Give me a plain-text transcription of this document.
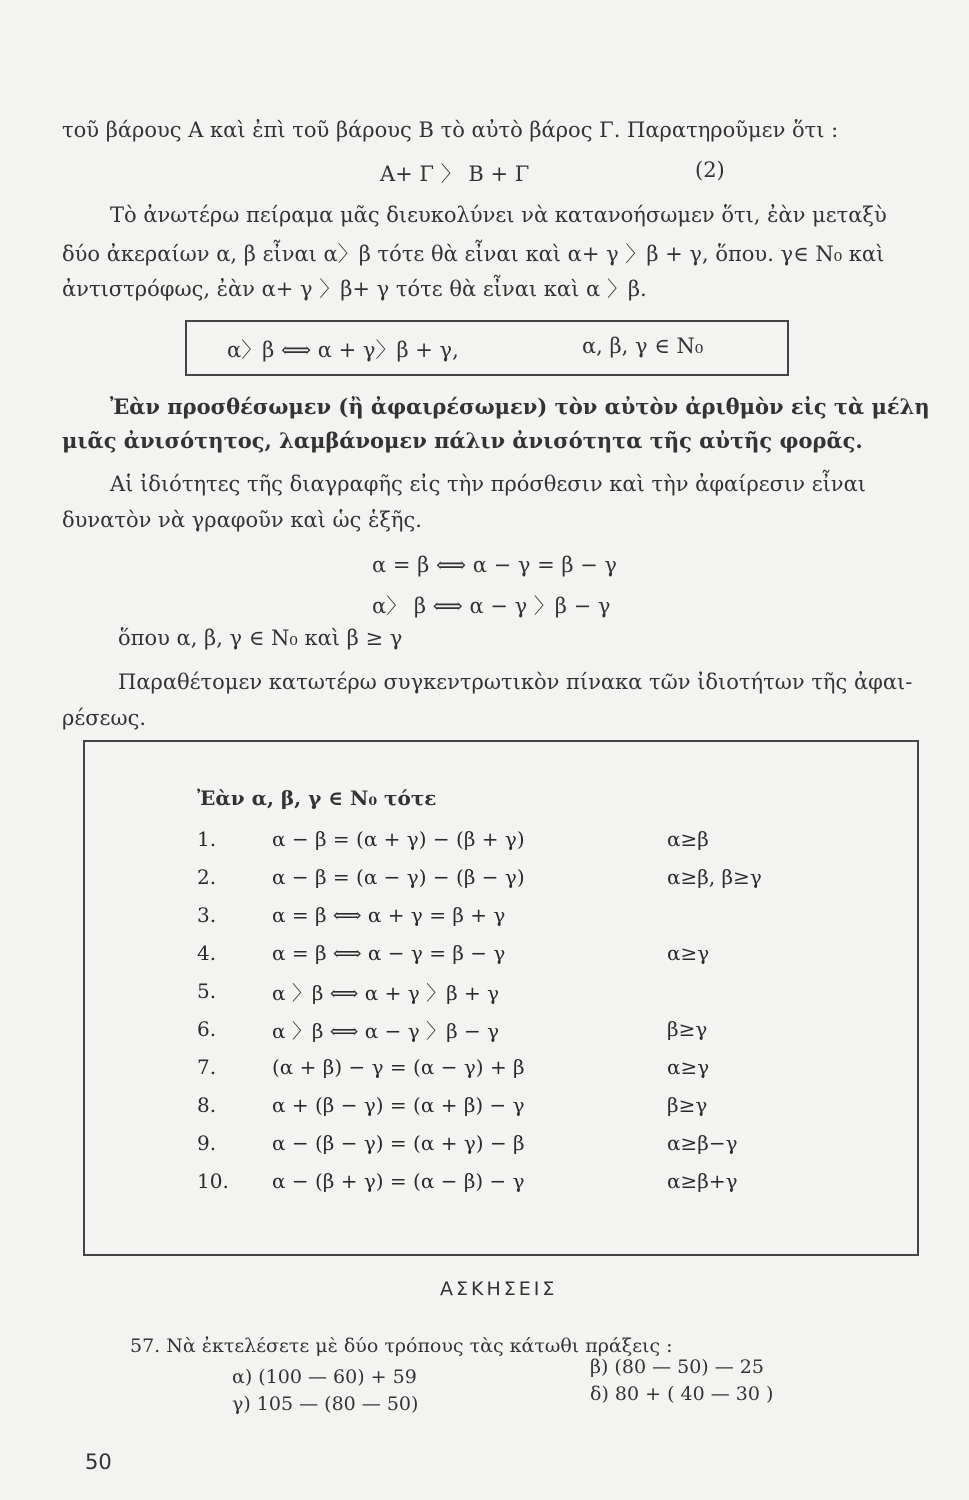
τοῦ βάρους Α καὶ ἐπὶ τοῦ βάρους Β τὸ αὐτὸ βάρος Γ. Παρατηροῦμεν ὅτι :
Α+ Γ 〉 Β + Γ	(2)
Τὸ ἀνωτέρω πείραμα μᾶς διευκολύνει νὰ κατανοήσωμεν ὅτι, ἐὰν μεταξὺ
δύο ἀκεραίων α, β εἶναι α〉β τότε θὰ εἶναι καὶ α+ γ 〉β + γ, ὅπου. γ∈ N₀ καὶ
ἀντιστρόφως, ἐὰν α+ γ 〉β+ γ τότε θὰ εἶναι καὶ α 〉β.
α〉β ⟺ α + γ〉β + γ,	α, β, γ ∈ N₀
Ἐὰν προσθέσωμεν (ἢ ἀφαιρέσωμεν) τὸν αὐτὸν ἀριθμὸν εἰς τὰ μέλη
μιᾶς ἀνισότητος, λαμβάνομεν πάλιν ἀνισότητα τῆς αὐτῆς φορᾶς.
Αἱ ἰδιότητες τῆς διαγραφῆς εἰς τὴν πρόσθεσιν καὶ τὴν ἀφαίρεσιν εἶναι
δυνατὸν νὰ γραφοῦν καὶ ὡς ἑξῆς.
α = β ⟺ α − γ = β − γ
α〉 β ⟺ α − γ 〉β − γ
ὅπου α, β, γ ∈ N₀ καὶ β ≥ γ
Παραθέτομεν κατωτέρω συγκεντρωτικὸν πίνακα τῶν ἰδιοτήτων τῆς ἀφαι-
ρέσεως.
Ἐὰν α, β, γ ∈ N₀ τότε
1.	α − β = (α + γ) − (β + γ)	α≥β
2.	α − β = (α − γ) − (β − γ)	α≥β, β≥γ
3.	α = β ⟺ α + γ = β + γ	
4.	α = β ⟺ α − γ = β − γ	α≥γ
5.	α 〉β ⟺ α + γ 〉β + γ	
6.	α 〉β ⟺ α − γ 〉β − γ	β≥γ
7.	(α + β) − γ = (α − γ) + β	α≥γ
8.	α + (β − γ) = (α + β) − γ	β≥γ
9.	α − (β − γ) = (α + γ) − β	α≥β−γ
10.	α − (β + γ) = (α − β) − γ	α≥β+γ
ΑΣΚΗΣΕΙΣ
57. Νὰ ἐκτελέσετε μὲ δύο τρόπους τὰς κάτωθι πράξεις :
α) (100 — 60) + 59	β) (80 — 50) — 25
γ) 105 — (80 — 50)	δ) 80 + ( 40 — 30 )
50
